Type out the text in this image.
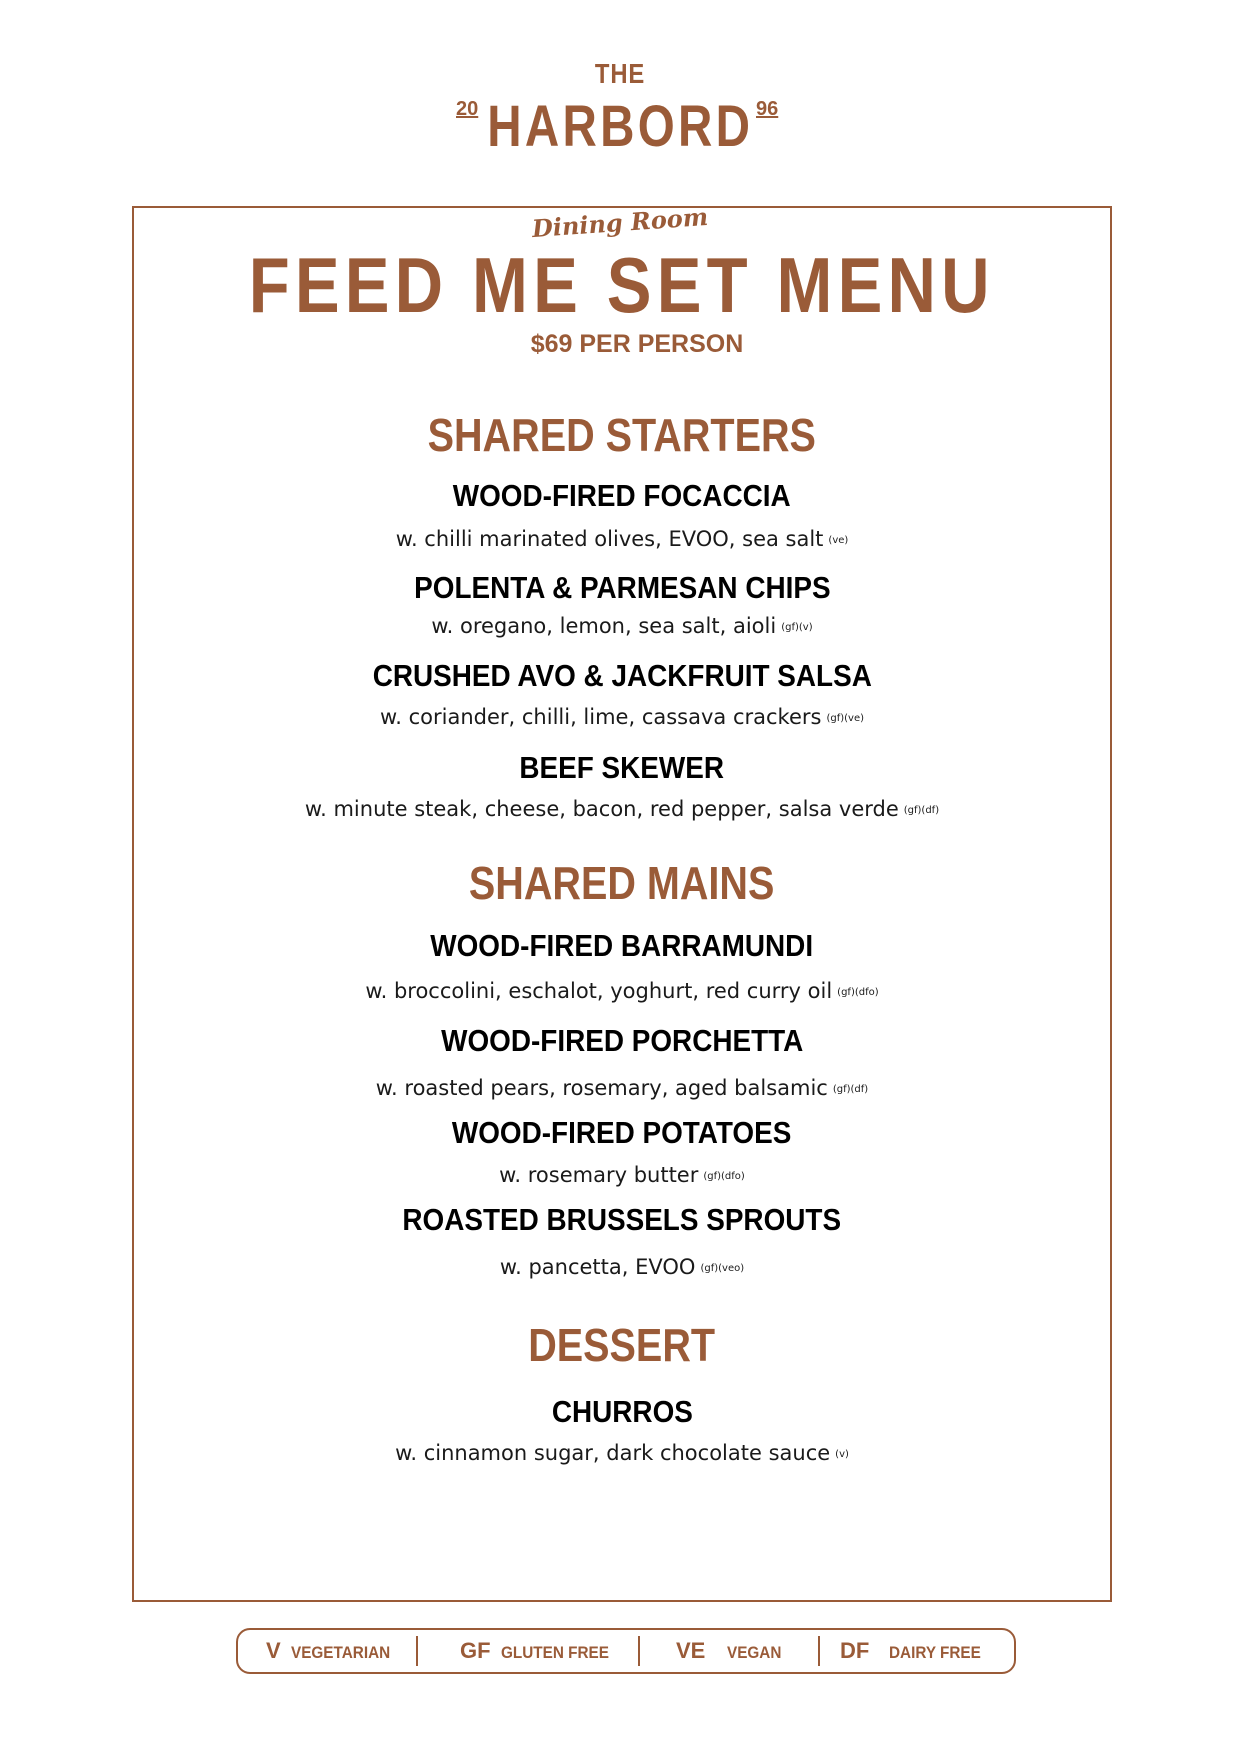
THE
HARBORD
20	96
Dining Room
FEED ME SET MENU
$69 PER PERSON
SHARED STARTERS
WOOD-FIRED FOCACCIA
w. chilli marinated olives, EVOO, sea salt (ve)
POLENTA & PARMESAN CHIPS
w. oregano, lemon, sea salt, aioli (gf)(v)
CRUSHED AVO & JACKFRUIT SALSA
w. coriander, chilli, lime, cassava crackers (gf)(ve)
BEEF SKEWER
w. minute steak, cheese, bacon, red pepper, salsa verde (gf)(df)
SHARED MAINS
WOOD-FIRED BARRAMUNDI
w. broccolini, eschalot, yoghurt, red curry oil (gf)(dfo)
WOOD-FIRED PORCHETTA
w. roasted pears, rosemary, aged balsamic (gf)(df)
WOOD-FIRED POTATOES
w. rosemary butter (gf)(dfo)
ROASTED BRUSSELS SPROUTS
w. pancetta, EVOO (gf)(veo)
DESSERT
CHURROS
w. cinnamon sugar, dark chocolate sauce (v)
V VEGETARIAN	GF GLUTEN FREE	VE VEGAN	DF DAIRY FREE
